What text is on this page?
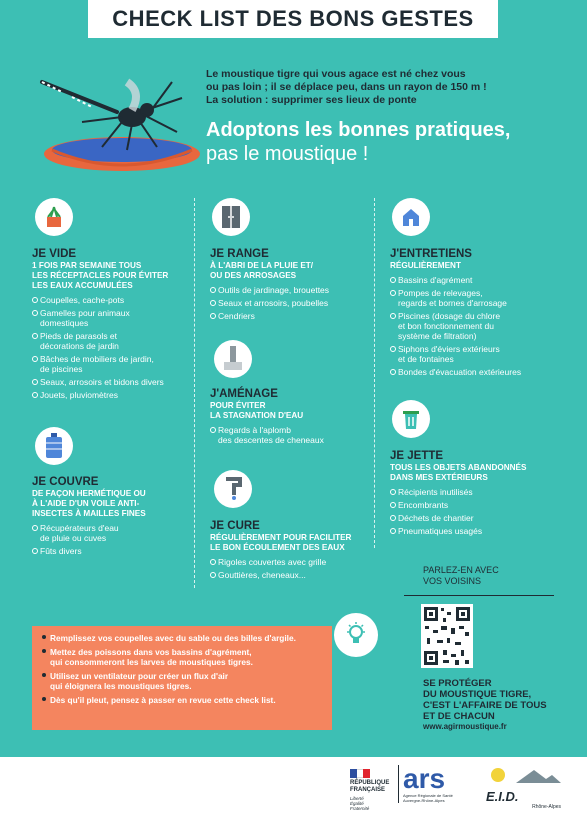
CHECK LIST DES BONS GESTES
Le moustique tigre qui vous agace est né chez vous
ou pas loin ; il se déplace peu, dans un rayon de 150 m !
La solution : supprimer ses lieux de ponte
Adoptons les bonnes pratiques,
pas le moustique !
JE VIDE
1 FOIS PAR SEMAINE TOUS
LES RÉCEPTACLES POUR ÉVITER
LES EAUX ACCUMULÉES
Coupelles, cache-pots
Gamelles pour animaux
domestiques
Pieds de parasols et
décorations de jardin
Bâches de mobiliers de jardin,
de piscines
Seaux, arrosoirs et bidons divers
Jouets, pluviomètres
JE COUVRE
DE FAÇON HERMÉTIQUE OU
À L'AIDE D'UN VOILE ANTI-
INSECTES À MAILLES FINES
Récupérateurs d'eau
de pluie ou cuves
Fûts divers
JE RANGE
À L'ABRI DE LA PLUIE ET/
OU DES ARROSAGES
Outils de jardinage, brouettes
Seaux et arrosoirs, poubelles
Cendriers
J'AMÉNAGE
POUR ÉVITER
LA STAGNATION D'EAU
Regards à l'aplomb
des descentes de cheneaux
JE CURE
RÉGULIÈREMENT POUR FACILITER
LE BON ÉCOULEMENT DES EAUX
Rigoles couvertes avec grille
Gouttières, cheneaux...
J'ENTRETIENS
RÉGULIÈREMENT
Bassins d'agrément
Pompes de relevages,
regards et bornes d'arrosage
Piscines (dosage du chlore
et bon fonctionnement du
système de filtration)
Siphons d'éviers extérieurs
et de fontaines
Bondes d'évacuation extérieures
JE JETTE
TOUS LES OBJETS ABANDONNÉS
DANS MES EXTÉRIEURS
Récipients inutilisés
Encombrants
Déchets de chantier
Pneumatiques usagés

Remplissez vos coupelles avec du sable ou des billes d'argile.

Mettez des poissons dans vos bassins d'agrément,
qui consommeront les larves de moustiques tigres.

Utilisez un ventilateur pour créer un flux d'air
qui éloignera les moustiques tigres.

Dès qu'il pleut, pensez à passer en revue cette check list.

PARLEZ-EN AVEC
VOS VOISINS
SE PROTÉGER
DU MOUSTIQUE TIGRE,
C'EST L'AFFAIRE DE TOUS
ET DE CHACUN
www.agirmoustique.fr
RÉPUBLIQUE
FRANÇAISE
Liberté
Égalité
Fraternité
ars
Agence Régionale de Santé
Auvergne-Rhône-Alpes	E.I.D.
Rhône-Alpes
